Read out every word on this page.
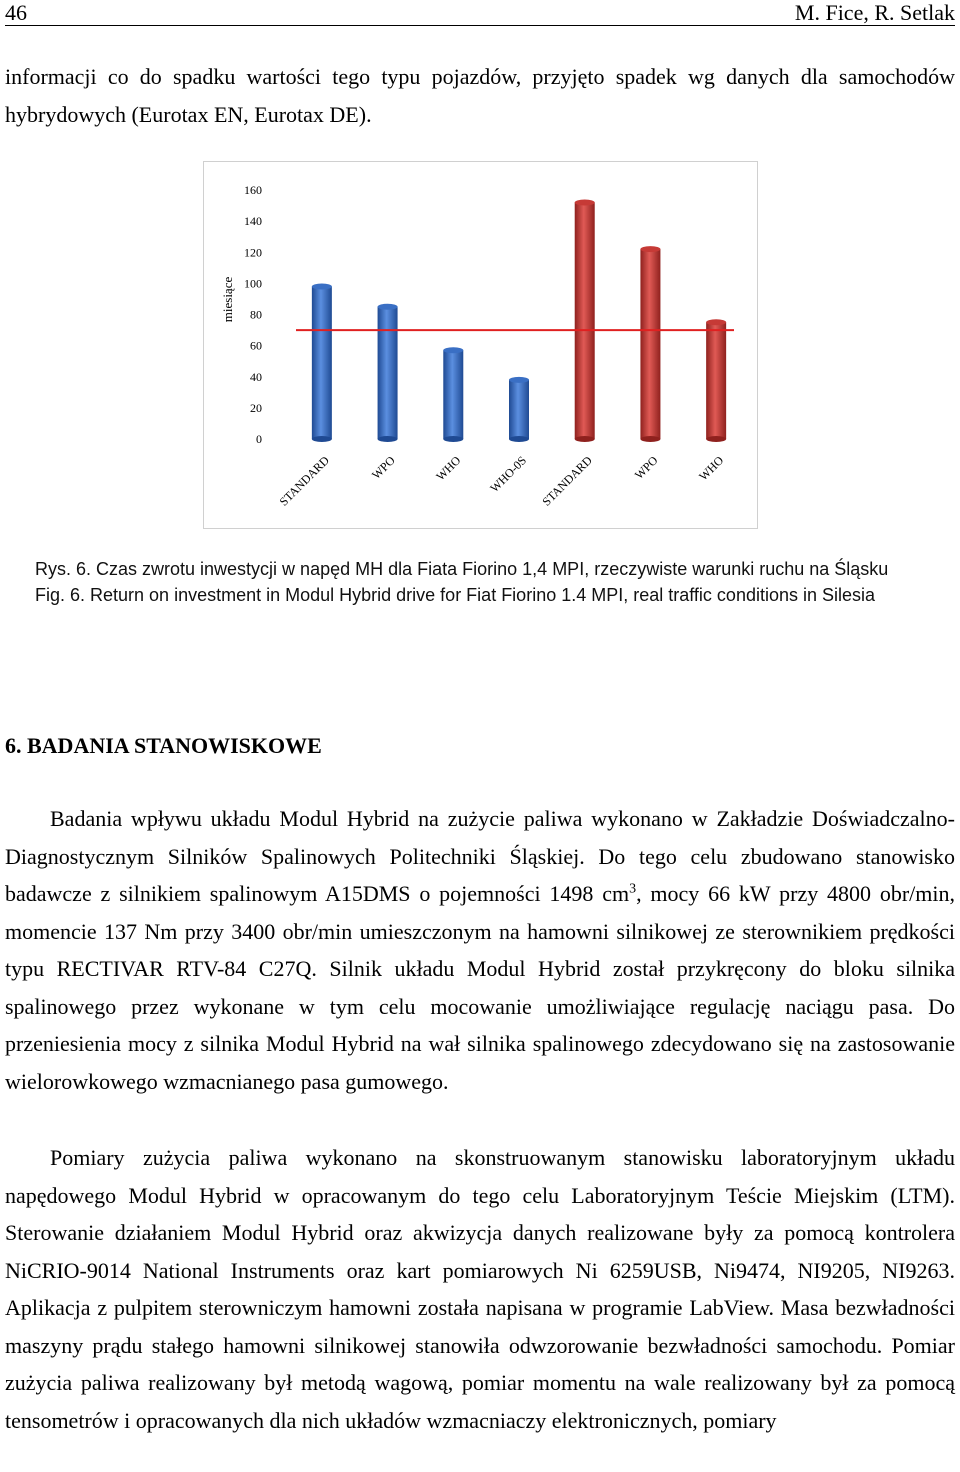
46	M. Fice, R. Setlak

informacji co do spadku wartości tego typu pojazdów, przyjęto spadek wg danych dla samochodów hybrydowych (Eurotax EN, Eurotax DE).

0
20
40
60
80
100
120
140
160
STANDARD	WPO	WHO WHO-0S STANDARD	WPO	WHO
miesiące
Rys. 6. Czas zwrotu inwestycji w napęd MH dla Fiata Fiorino 1,4 MPI, rzeczywiste warunki ruchu na Śląsku
Fig. 6. Return on investment in Modul Hybrid drive for Fiat Fiorino 1.4 MPI, real traffic conditions in Silesia
6. BADANIA STANOWISKOWE

Badania wpływu układu Modul Hybrid na zużycie paliwa wykonano w Zakładzie Doświadczalno- Diagnostycznym Silników Spalinowych Politechniki Śląskiej. Do tego celu zbudowano stanowisko badawcze z silnikiem spalinowym A15DMS o pojemności 1498 $cm^3$, mocy 66 kW przy 4800 obr/min, momencie 137 Nm przy 3400 obr/min umieszczonym na hamowni silnikowej ze sterownikiem prędkości typu RECTIVAR RTV-84 C27Q. Silnik układu Modul Hybrid został przykręcony do bloku silnika spalinowego przez wykonane w tym celu mocowanie umożliwiające regulację naciągu pasa. Do przeniesienia mocy z silnika Modul Hybrid na wał silnika spalinowego zdecydowano się na zastosowanie wielorowkowego wzmacnianego pasa gumowego.

Pomiary zużycia paliwa wykonano na skonstruowanym stanowisku laboratoryjnym układu napędowego Modul Hybrid w opracowanym do tego celu Laboratoryjnym Teście Miejskim (LTM). Sterowanie działaniem Modul Hybrid oraz akwizycja danych realizowane były za pomocą kontrolera NiCRIO-9014 National Instruments oraz kart pomiarowych Ni 6259USB, Ni9474, NI9205, NI9263. Aplikacja z pulpitem sterowniczym hamowni została napisana w programie LabView. Masa bezwładności maszyny prądu stałego hamowni silnikowej stanowiła odwzorowanie bezwładności samochodu. Pomiar zużycia paliwa realizowany był metodą wagową, pomiar momentu na wale realizowany był za pomocą tensometrów i opracowanych dla nich układów wzmacniaczy elektronicznych, pomiary
